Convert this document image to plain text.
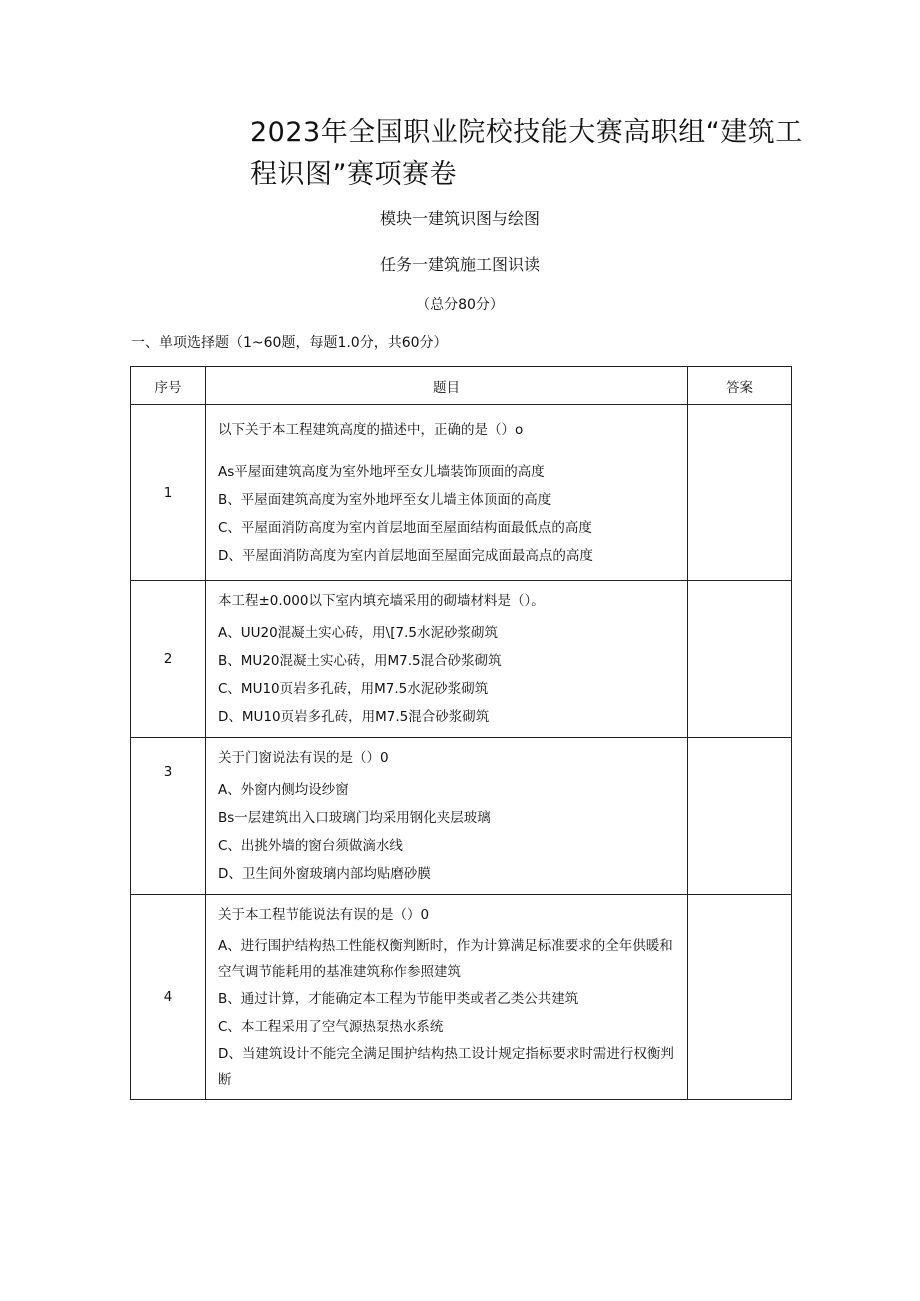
2023年全国职业院校技能大赛高职组“建筑工程识图”赛项赛卷
模块一建筑识图与绘图
任务一建筑施工图识读
（总分80分）
一、单项选择题（1~60题，每题1.0分，共60分）
序号	题目	答案
1	以下关于本工程建筑高度的描述中，正确的是（）o
As平屋面建筑高度为室外地坪至女儿墙装饰顶面的高度
B、平屋面建筑高度为室外地坪至女儿墙主体顶面的高度
C、平屋面消防高度为室内首层地面至屋面结构面最低点的高度
D、平屋面消防高度为室内首层地面至屋面完成面最高点的高度	

2	本工程±0.000以下室内填充墙采用的砌墙材料是（）。
A、UU20混凝土实心砖，用\[7.5水泥砂浆砌筑
B、MU20混凝土实心砖，用M7.5混合砂浆砌筑
C、MU10页岩多孔砖，用M7.5水泥砂浆砌筑
D、MU10页岩多孔砖，用M7.5混合砂浆砌筑	

3	关于门窗说法有误的是（）0
A、外窗内侧均设纱窗
Bs一层建筑出入口玻璃门均采用钢化夹层玻璃
C、出挑外墙的窗台须做滴水线
D、卫生间外窗玻璃内部均贴磨砂膜	

4	关于本工程节能说法有误的是（）0
A、进行围护结构热工性能权衡判断时，作为计算满足标准要求的全年供暖和空气调节能耗用的基准建筑称作参照建筑
B、通过计算，才能确定本工程为节能甲类或者乙类公共建筑
C、本工程采用了空气源热泵热水系统
D、当建筑设计不能完全满足围护结构热工设计规定指标要求时需进行权衡判断	
